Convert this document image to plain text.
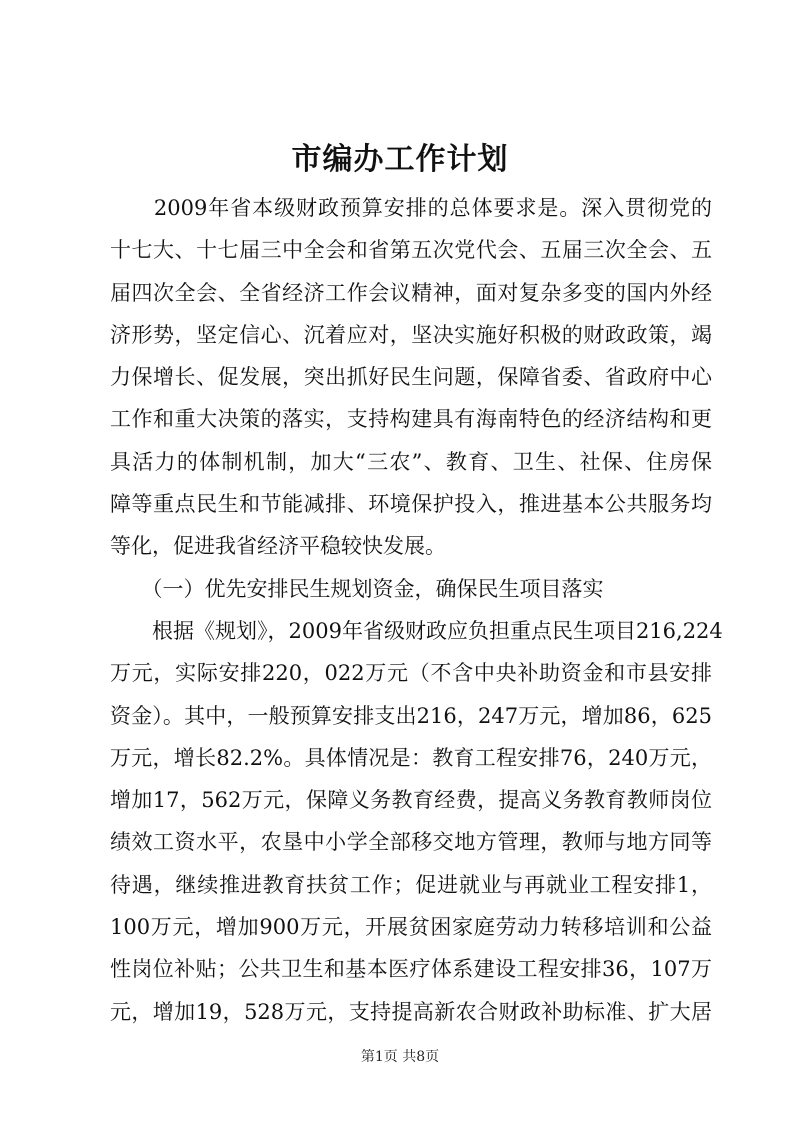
市编办工作计划
　　2009年省本级财政预算安排的总体要求是。深入贯彻党的
十七大、十七届三中全会和省第五次党代会、五届三次全会、五
届四次全会、全省经济工作会议精神，面对复杂多变的国内外经
济形势，坚定信心、沉着应对，坚决实施好积极的财政政策，竭
力保增长、促发展，突出抓好民生问题，保障省委、省政府中心
工作和重大决策的落实，支持构建具有海南特色的经济结构和更
具活力的体制机制，加大“三农”、教育、卫生、社保、住房保
障等重点民生和节能减排、环境保护投入，推进基本公共服务均
等化，促进我省经济平稳较快发展。
　　（一）优先安排民生规划资金，确保民生项目落实
　　根据《规划》，2009年省级财政应负担重点民生项目216,224
万元，实际安排220，022万元（不含中央补助资金和市县安排
资金）。其中，一般预算安排支出216，247万元，增加86，625
万元，增长82.2%。具体情况是：教育工程安排76，240万元，
增加17，562万元，保障义务教育经费，提高义务教育教师岗位
绩效工资水平，农垦中小学全部移交地方管理，教师与地方同等
待遇，继续推进教育扶贫工作；促进就业与再就业工程安排1，
100万元，增加900万元，开展贫困家庭劳动力转移培训和公益
性岗位补贴；公共卫生和基本医疗体系建设工程安排36，107万
元，增加19，528万元，支持提高新农合财政补助标准、扩大居

第1页 共8页
